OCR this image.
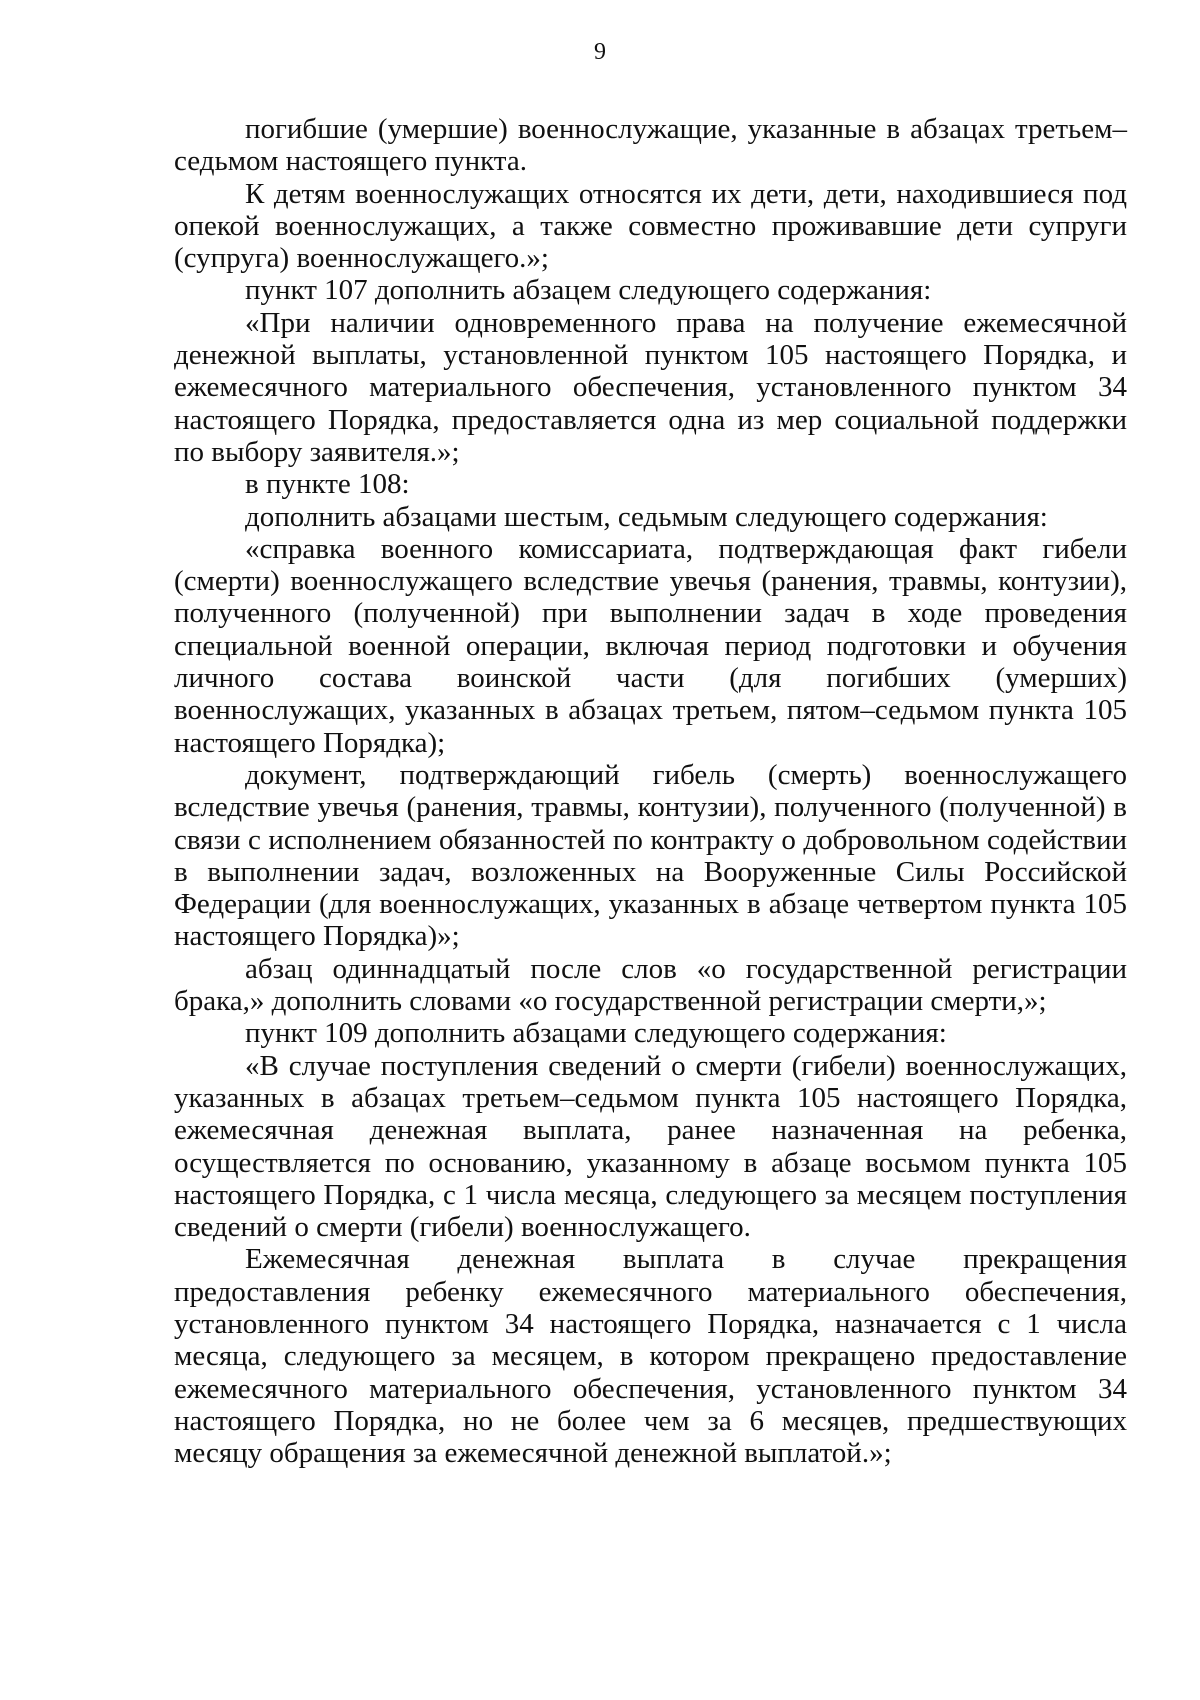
9

погибшие (умершие) военнослужащие, указанные в абзацах третьем–седьмом настоящего пункта.

К детям военнослужащих относятся их дети, дети, находившиеся под опекой военнослужащих, а также совместно проживавшие дети супруги (супруга) военнослужащего.»;

пункт 107 дополнить абзацем следующего содержания:

«При наличии одновременного права на получение ежемесячной денежной выплаты, установленной пунктом 105 настоящего Порядка, и ежемесячного материального обеспечения, установленного пунктом 34 настоящего Порядка, предоставляется одна из мер социальной поддержки по выбору заявителя.»;

в пункте 108:

дополнить абзацами шестым, седьмым следующего содержания:

«справка военного комиссариата, подтверждающая факт гибели (смерти) военнослужащего вследствие увечья (ранения, травмы, контузии), полученного (полученной) при выполнении задач в ходе проведения специальной военной операции, включая период подготовки и обучения личного состава воинской части (для погибших (умерших) военнослужащих, указанных в абзацах третьем, пятом–седьмом пункта 105 настоящего Порядка);

документ, подтверждающий гибель (смерть) военнослужащего вследствие увечья (ранения, травмы, контузии), полученного (полученной) в связи с исполнением обязанностей по контракту о добровольном содействии в выполнении задач, возложенных на Вооруженные Силы Российской Федерации (для военнослужащих, указанных в абзаце четвертом пункта 105 настоящего Порядка)»;

абзац одиннадцатый после слов «о государственной регистрации брака,» дополнить словами «о государственной регистрации смерти,»;

пункт 109 дополнить абзацами следующего содержания:

«В случае поступления сведений о смерти (гибели) военнослужащих, указанных в абзацах третьем–седьмом пункта 105 настоящего Порядка, ежемесячная денежная выплата, ранее назначенная на ребенка, осуществляется по основанию, указанному в абзаце восьмом пункта 105 настоящего Порядка, с 1 числа месяца, следующего за месяцем поступления сведений о смерти (гибели) военнослужащего.

Ежемесячная денежная выплата в случае прекращения предоставления ребенку ежемесячного материального обеспечения, установленного пунктом 34 настоящего Порядка, назначается с 1 числа месяца, следующего за месяцем, в котором прекращено предоставление ежемесячного материального обеспечения, установленного пунктом 34 настоящего Порядка, но не более чем за 6 месяцев, предшествующих месяцу обращения за ежемесячной денежной выплатой.»;
